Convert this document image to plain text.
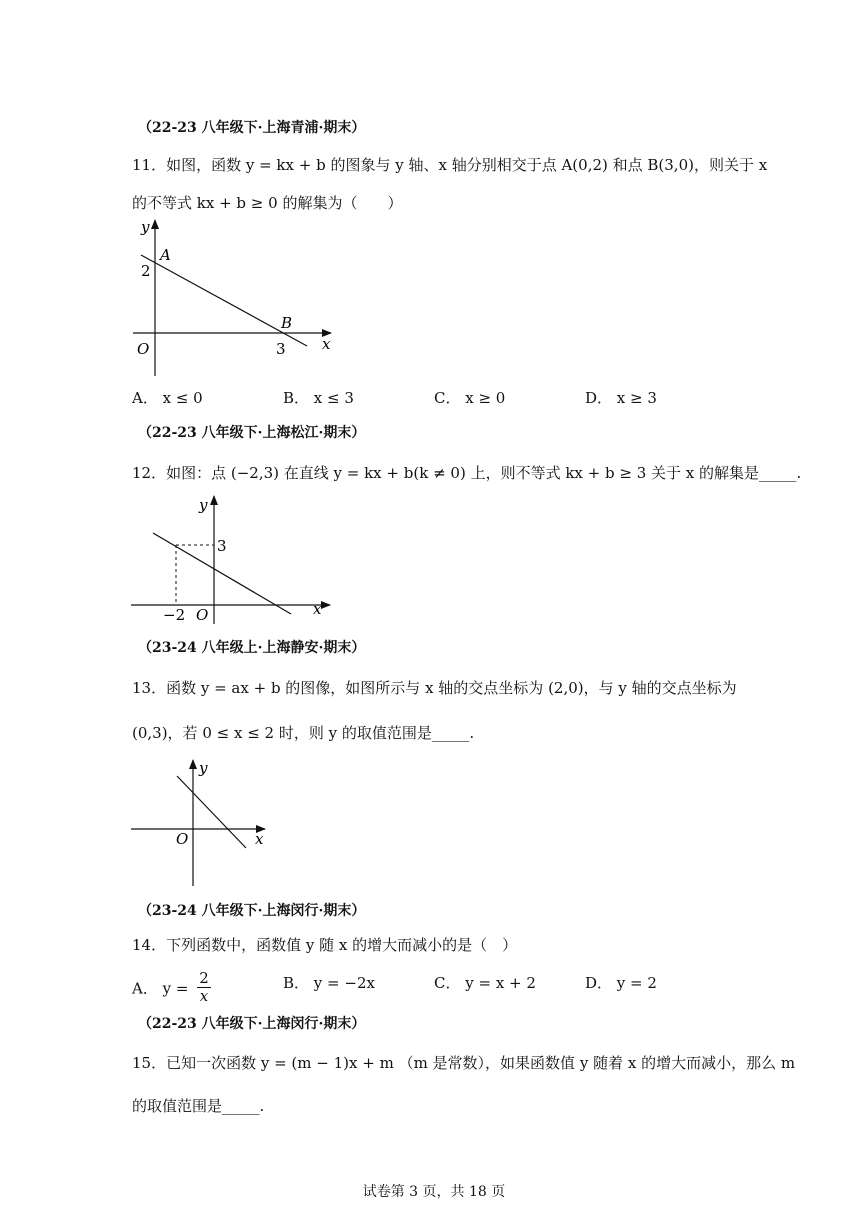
（22-23 八年级下·上海青浦·期末）
11．如图，函数 y = kx + b 的图象与 y 轴、x 轴分别相交于点 A(0,2) 和点 B(3,0)，则关于 x
的不等式 kx + b ≥ 0 的解集为（　　）
y
x
O
A
B
2
3
A． x ≤ 0	B． x ≤ 3	C． x ≥ 0	D． x ≥ 3
（22-23 八年级下·上海松江·期末）
12．如图：点 (−2,3) 在直线 y = kx + b(k ≠ 0) 上，则不等式 kx + b ≥ 3 关于 x 的解集是_____.
y
x
O
3
−2
（23-24 八年级上·上海静安·期末）
13．函数 y = ax + b 的图像，如图所示与 x 轴的交点坐标为 (2,0)，与 y 轴的交点坐标为
(0,3)，若 0 ≤ x ≤ 2 时，则 y 的取值范围是_____.
y
x
O
（23-24 八年级下·上海闵行·期末）
14．下列函数中，函数值 y 随 x 的增大而减小的是（　）
A． $y = \frac{2}{x}$	B． y = −2x	C． y = x + 2	D． y = 2
（22-23 八年级下·上海闵行·期末）
15．已知一次函数 y = (m − 1)x + m （m 是常数），如果函数值 y 随着 x 的增大而减小，那么 m
的取值范围是_____.
试卷第 3 页，共 18 页
